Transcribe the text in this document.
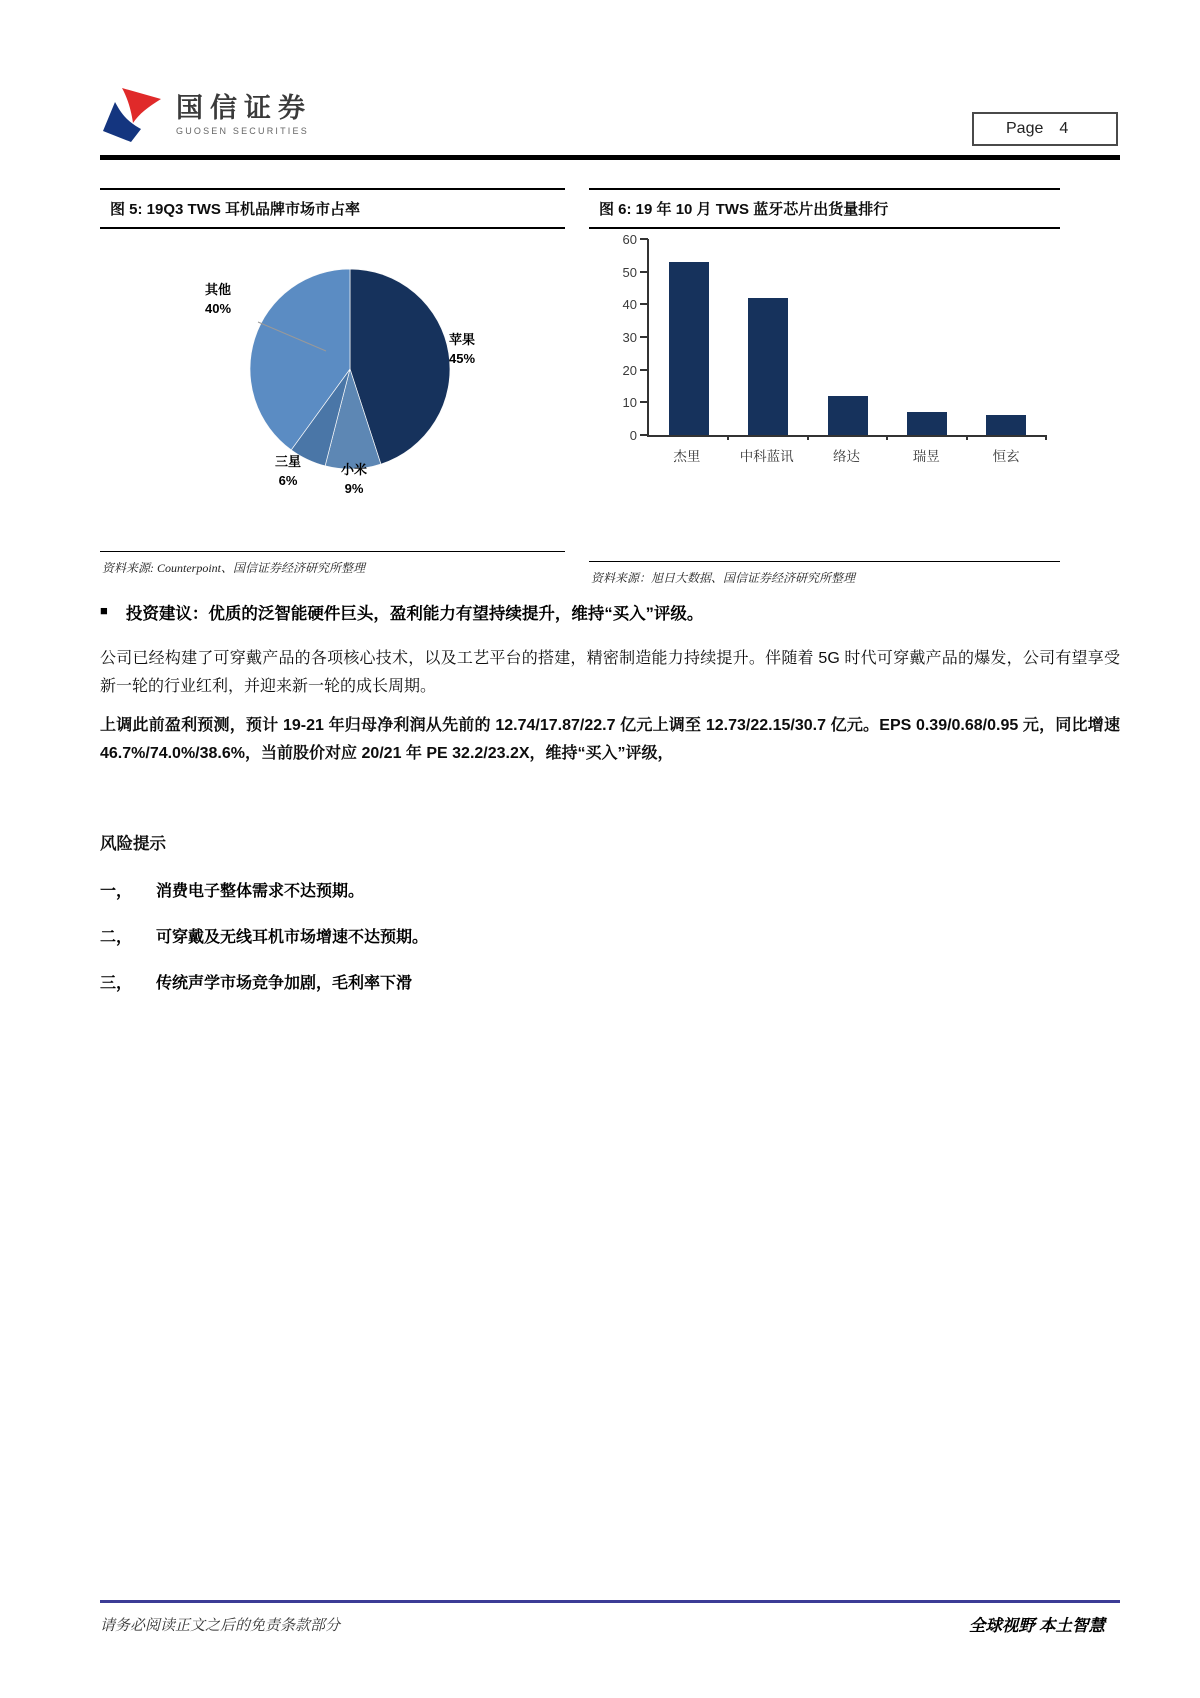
国信证券
GUOSEN SECURITIES	Page 4
图 5: 19Q3 TWS 耳机品牌市场市占率
其他
40%
苹果
45%
三星
6%
小米
9%
资料来源: Counterpoint、国信证券经济研究所整理
图 6: 19 年 10 月 TWS 蓝牙芯片出货量排行
0
10
20
30
40
50
60
杰里	中科蓝讯	络达	瑞昱	恒玄
资料来源：旭日大数据、国信证券经济研究所整理
■ 投资建议：优质的泛智能硬件巨头，盈利能力有望持续提升，维持“买入”评级。
公司已经构建了可穿戴产品的各项核心技术，以及工艺平台的搭建，精密制造能力持续提升。伴随着 5G 时代可穿戴产品的爆发，公司有望享受新一轮的行业红利，并迎来新一轮的成长周期。
上调此前盈利预测，预计 19-21 年归母净利润从先前的 12.74/17.87/22.7 亿元上调至 12.73/22.15/30.7 亿元。EPS 0.39/0.68/0.95 元，同比增速 46.7%/74.0%/38.6%，当前股价对应 20/21 年 PE 32.2/23.2X，维持“买入”评级，
风险提示
一， 消费电子整体需求不达预期。
二， 可穿戴及无线耳机市场增速不达预期。
三， 传统声学市场竞争加剧，毛利率下滑
请务必阅读正文之后的免责条款部分	全球视野 本土智慧
